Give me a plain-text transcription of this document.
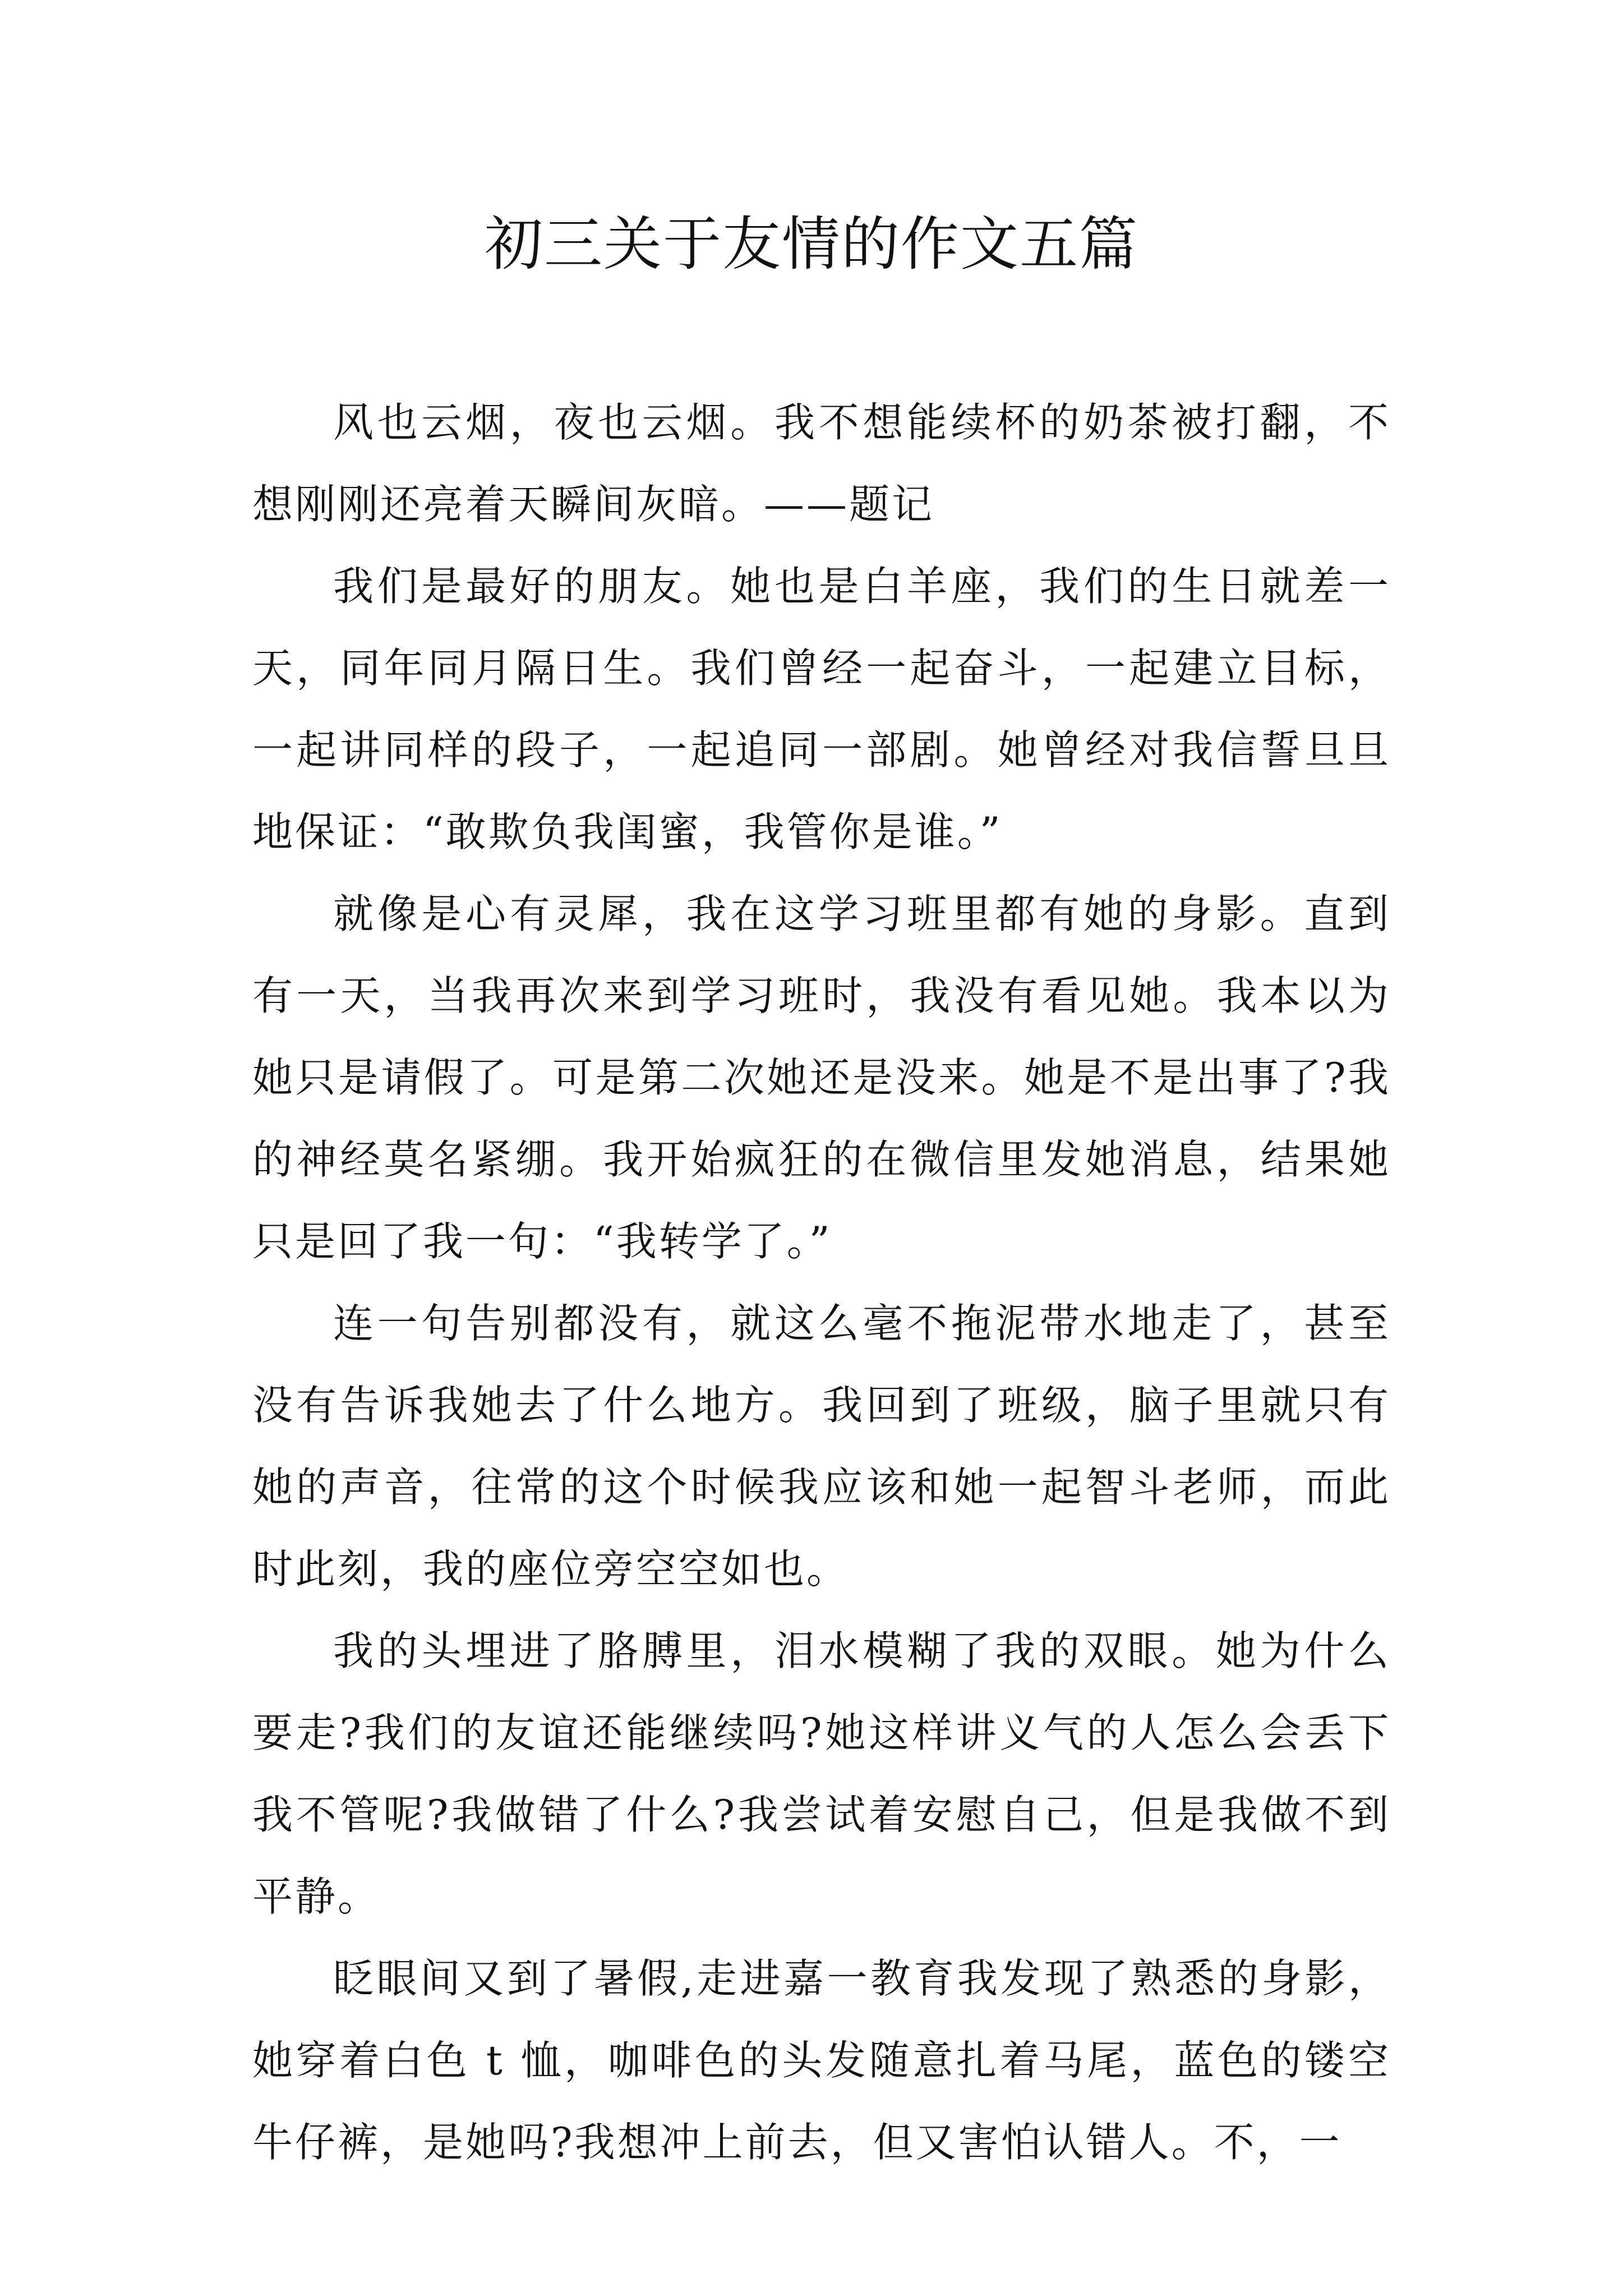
初三关于友情的作文五篇

风也云烟，夜也云烟。我不想能续杯的奶茶被打翻，不想刚刚还亮着天瞬间灰暗。——题记

我们是最好的朋友。她也是白羊座，我们的生日就差一天，同年同月隔日生。我们曾经一起奋斗，一起建立目标，一起讲同样的段子，一起追同一部剧。她曾经对我信誓旦旦地保证：“敢欺负我闺蜜，我管你是谁。”

就像是心有灵犀，我在这学习班里都有她的身影。直到有一天，当我再次来到学习班时，我没有看见她。我本以为她只是请假了。可是第二次她还是没来。她是不是出事了?我的神经莫名紧绷。我开始疯狂的在微信里发她消息，结果她只是回了我一句：“我转学了。”

连一句告别都没有，就这么毫不拖泥带水地走了，甚至没有告诉我她去了什么地方。我回到了班级，脑子里就只有她的声音，往常的这个时候我应该和她一起智斗老师，而此时此刻，我的座位旁空空如也。

我的头埋进了胳膊里，泪水模糊了我的双眼。她为什么要走?我们的友谊还能继续吗?她这样讲义气的人怎么会丢下我不管呢?我做错了什么?我尝试着安慰自己，但是我做不到平静。

眨眼间又到了暑假,走进嘉一教育我发现了熟悉的身影，她穿着白色 t 恤，咖啡色的头发随意扎着马尾，蓝色的镂空牛仔裤，是她吗?我想冲上前去，但又害怕认错人。不，一
